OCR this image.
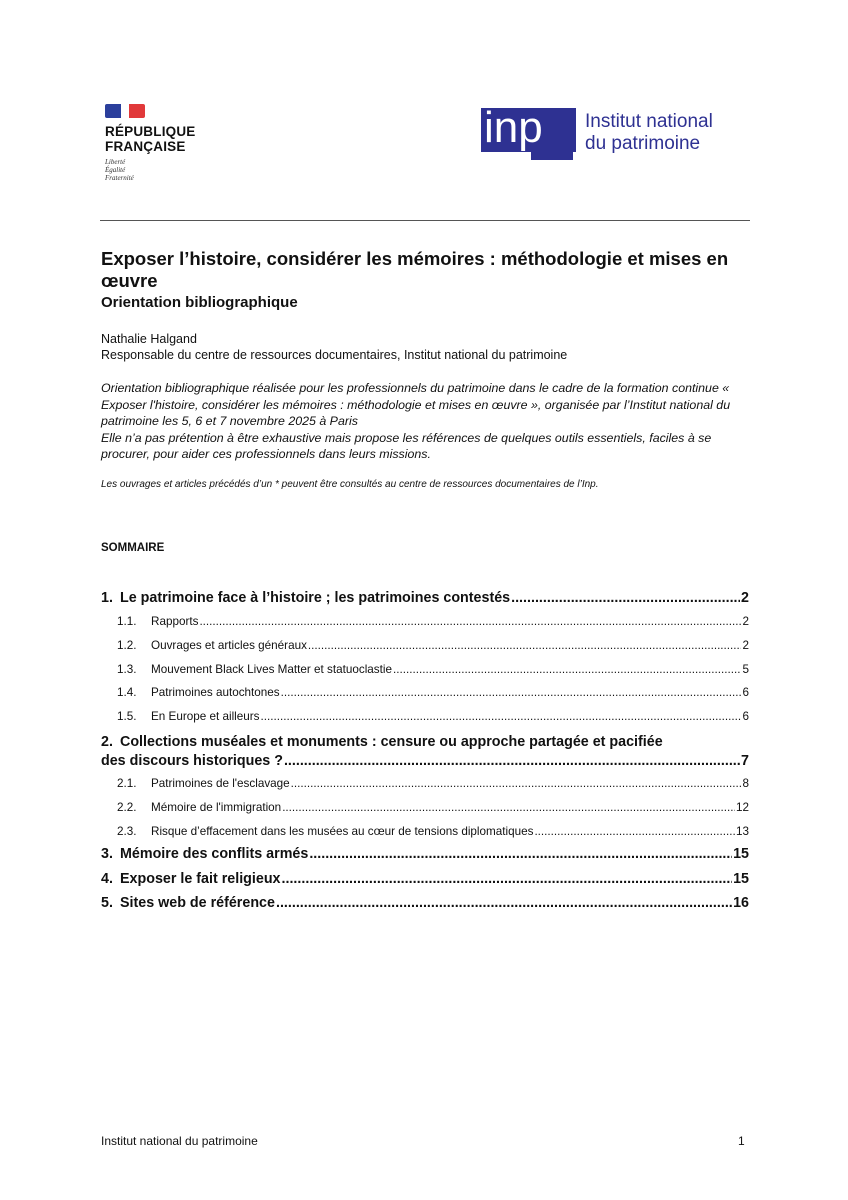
RÉPUBLIQUE
FRANÇAISE
Liberté
Égalité
Fraternité
inp Institut national
du patrimoine
Exposer l’histoire, considérer les mémoires : méthodologie et mises en œuvre
Orientation bibliographique
Nathalie Halgand
Responsable du centre de ressources documentaires, Institut national du patrimoine

Orientation bibliographique réalisée pour les professionnels du patrimoine dans le cadre de la formation continue « Exposer l'histoire, considérer les mémoires : méthodologie et mises en œuvre », organisée par l’Institut national du patrimoine les 5, 6 et 7 novembre 2025 à Paris

Elle n’a pas prétention à être exhaustive mais propose les références de quelques outils essentiels, faciles à se procurer, pour aider ces professionnels dans leurs missions.

Les ouvrages et articles précédés d’un * peuvent être consultés au centre de ressources documentaires de l’Inp.
SOMMAIRE
1. Le patrimoine face à l’histoire ; les patrimoines contestés .....	2
1.1.	Rapports .....	2
1.2.	Ouvrages et articles généraux .....	2
1.3.	Mouvement Black Lives Matter et statuoclastie .....	5
1.4.	Patrimoines autochtones .....	6
1.5.	En Europe et ailleurs .....	6
2. Collections muséales et monuments : censure ou approche partagée et pacifiée
des discours historiques ? .....	7
2.1.	Patrimoines de l'esclavage .....	8
2.2.	Mémoire de l'immigration .....	12
2.3.	Risque d’effacement dans les musées au cœur de tensions diplomatiques .....	13
3. Mémoire des conflits armés .....	15
4. Exposer le fait religieux .....	15
5. Sites web de référence .....	16
Institut national du patrimoine	1
